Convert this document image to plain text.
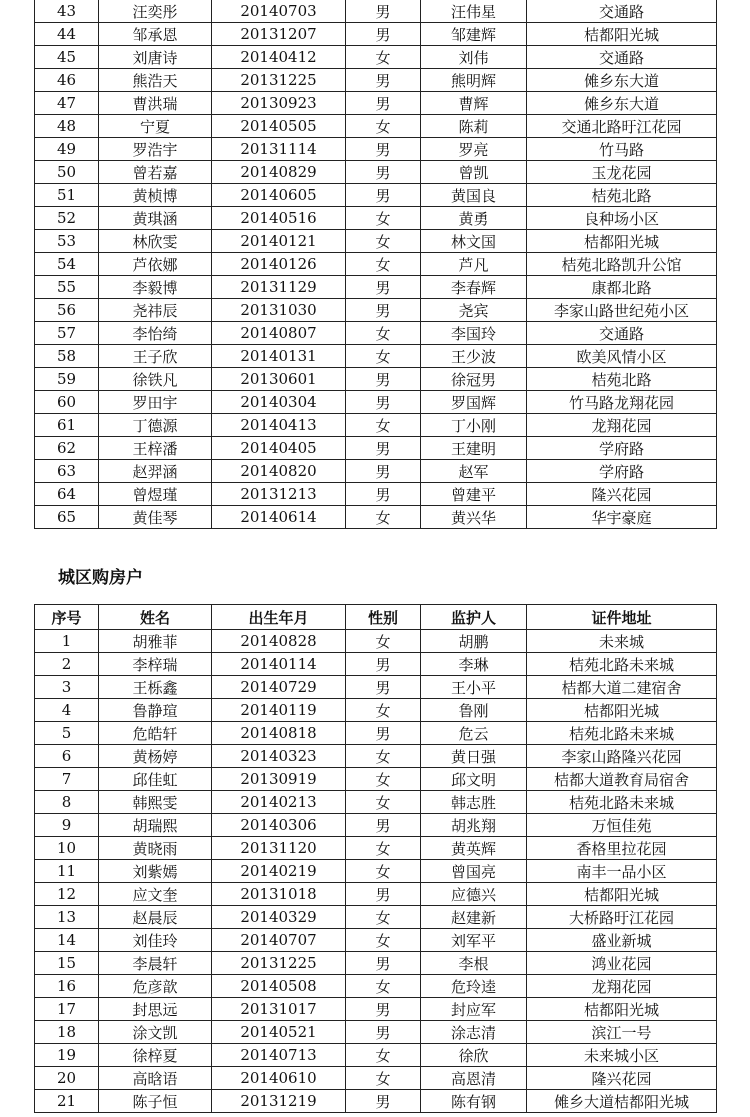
43	汪奕彤	20140703	男	汪伟星	交通路
44	邹承恩	20131207	男	邹建辉	桔都阳光城
45	刘唐诗	20140412	女	刘伟	交通路
46	熊浩天	20131225	男	熊明辉	傩乡东大道
47	曹洪瑞	20130923	男	曹辉	傩乡东大道
48	宁夏	20140505	女	陈莉	交通北路旴江花园
49	罗浩宇	20131114	男	罗亮	竹马路
50	曾若嘉	20140829	男	曾凯	玉龙花园
51	黄桢博	20140605	男	黄国良	桔苑北路
52	黄琪涵	20140516	女	黄勇	良种场小区
53	林欣雯	20140121	女	林文国	桔都阳光城
54	芦依娜	20140126	女	芦凡	桔苑北路凯升公馆
55	李毅博	20131129	男	李春辉	康都北路
56	尧祎辰	20131030	男	尧宾	李家山路世纪苑小区
57	李怡绮	20140807	女	李国玲	交通路
58	王子欣	20140131	女	王少波	欧美风情小区
59	徐铁凡	20130601	男	徐冠男	桔苑北路
60	罗田宇	20140304	男	罗国辉	竹马路龙翔花园
61	丁德源	20140413	女	丁小刚	龙翔花园
62	王梓潘	20140405	男	王建明	学府路
63	赵羿涵	20140820	男	赵军	学府路
64	曾煜瑾	20131213	男	曾建平	隆兴花园
65	黄佳琴	20140614	女	黄兴华	华宇豪庭
城区购房户
序号	姓名	出生年月	性别	监护人	证件地址
1	胡雅菲	20140828	女	胡鹏	未来城
2	李梓瑞	20140114	男	李琳	桔苑北路未来城
3	王栎鑫	20140729	男	王小平	桔都大道二建宿舍
4	鲁静瑄	20140119	女	鲁刚	桔都阳光城
5	危皓轩	20140818	男	危云	桔苑北路未来城
6	黄杨婷	20140323	女	黄日强	李家山路隆兴花园
7	邱佳虹	20130919	女	邱文明	桔都大道教育局宿舍
8	韩熙雯	20140213	女	韩志胜	桔苑北路未来城
9	胡瑞熙	20140306	男	胡兆翔	万恒佳苑
10	黄晓雨	20131120	女	黄英辉	香格里拉花园
11	刘紫嫣	20140219	女	曾国亮	南丰一品小区
12	应文奎	20131018	男	应德兴	桔都阳光城
13	赵晨辰	20140329	女	赵建新	大桥路旴江花园
14	刘佳玲	20140707	女	刘军平	盛业新城
15	李晨轩	20131225	男	李根	鸿业花园
16	危彦歆	20140508	女	危玲逵	龙翔花园
17	封思远	20131017	男	封应军	桔都阳光城
18	涂文凯	20140521	男	涂志清	滨江一号
19	徐梓夏	20140713	女	徐欣	未来城小区
20	高晗语	20140610	女	高恩清	隆兴花园
21	陈子恒	20131219	男	陈有钢	傩乡大道桔都阳光城
